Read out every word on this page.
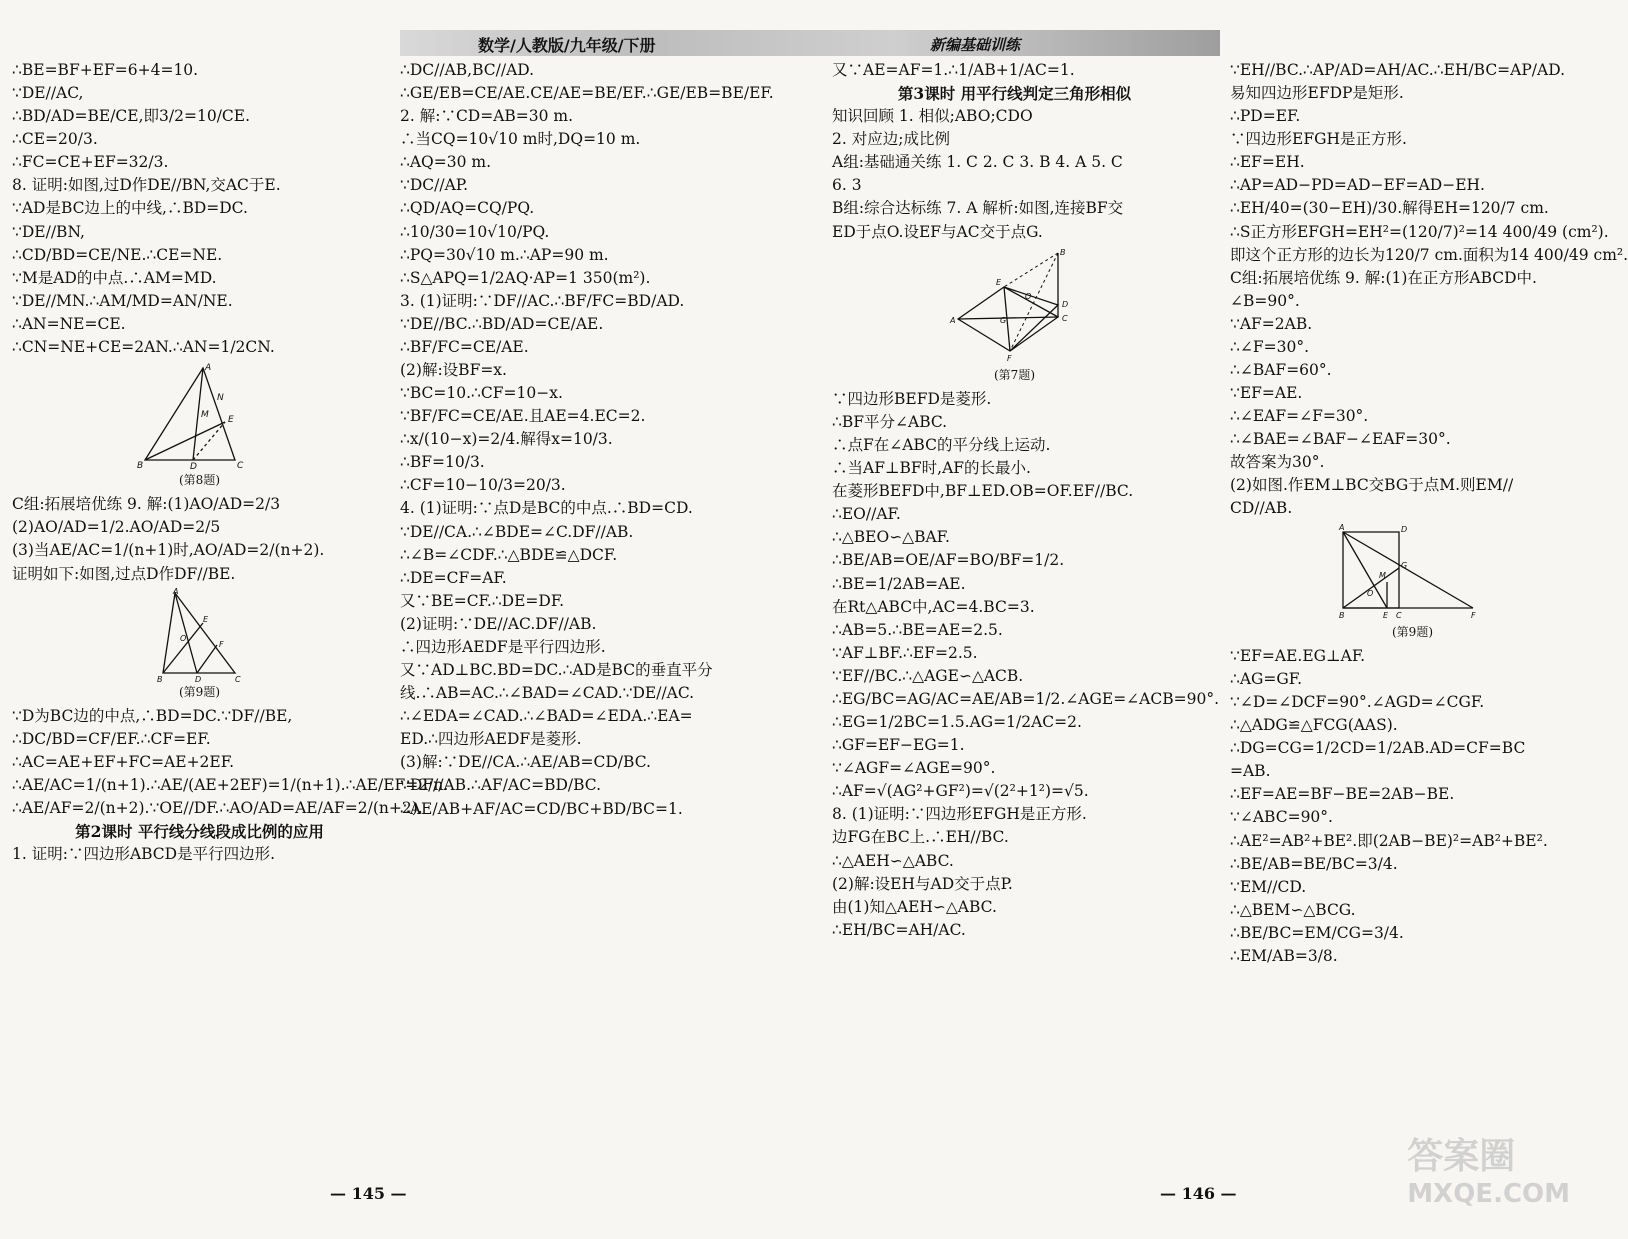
数学/人教版/九年级/下册	新编基础训练
∴BE=BF+EF=6+4=10.
∵DE//AC,
∴BD/AD=BE/CE,即3/2=10/CE.
∴CE=20/3.
∴FC=CE+EF=32/3.
8. 证明:如图,过D作DE//BN,交AC于E.
∵AD是BC边上的中线,∴BD=DC.
∵DE//BN,
∴CD/BD=CE/NE.∴CE=NE.
∵M是AD的中点.∴AM=MD.
∵DE//MN.∴AM/MD=AN/NE.
∴AN=NE=CE.
∴CN=NE+CE=2AN.∴AN=1/2CN.
A
N
M E
B	D	C
(第8题)
C组:拓展培优练 9. 解:(1)AO/AD=2/3
(2)AO/AD=1/2.AO/AD=2/5
(3)当AE/AC=1/(n+1)时,AO/AD=2/(n+2).
证明如下:如图,过点D作DF//BE.
A
E
O
F
B	D	C
(第9题)
∵D为BC边的中点,∴BD=DC.∵DF//BE,
∴DC/BD=CF/EF.∴CF=EF.
∴AC=AE+EF+FC=AE+2EF.
∴AE/AC=1/(n+1).∴AE/(AE+2EF)=1/(n+1).∴AE/EF=2/n.
∴AE/AF=2/(n+2).∵OE//DF.∴AO/AD=AE/AF=2/(n+2).
第2课时 平行线分线段成比例的应用
1. 证明:∵四边形ABCD是平行四边形.
∴DC//AB,BC//AD.
∴GE/EB=CE/AE.CE/AE=BE/EF.∴GE/EB=BE/EF.
2. 解:∵CD=AB=30 m.
∴当CQ=10√10 m时,DQ=10 m.
∴AQ=30 m.
∵DC//AP.
∴QD/AQ=CQ/PQ.
∴10/30=10√10/PQ.
∴PQ=30√10 m.∴AP=90 m.
∴S△APQ=1/2AQ·AP=1 350(m²).
3. (1)证明:∵DF//AC.∴BF/FC=BD/AD.
∵DE//BC.∴BD/AD=CE/AE.
∴BF/FC=CE/AE.
(2)解:设BF=x.
∵BC=10.∴CF=10−x.
∵BF/FC=CE/AE.且AE=4.EC=2.
∴x/(10−x)=2/4.解得x=10/3.
∴BF=10/3.
∴CF=10−10/3=20/3.
4. (1)证明:∵点D是BC的中点.∴BD=CD.
∵DE//CA.∴∠BDE=∠C.DF//AB.
∴∠B=∠CDF.∴△BDE≌△DCF.
∴DE=CF=AF.
又∵BE=CF.∴DE=DF.
(2)证明:∵DE//AC.DF//AB.
∴四边形AEDF是平行四边形.
又∵AD⊥BC.BD=DC.∴AD是BC的垂直平分
线.∴AB=AC.∴∠BAD=∠CAD.∵DE//AC.
∴∠EDA=∠CAD.∴∠BAD=∠EDA.∴EA=
ED.∴四边形AEDF是菱形.
(3)解:∵DE//CA.∴AE/AB=CD/BC.
∵DF//AB.∴AF/AC=BD/BC.
∴AE/AB+AF/AC=CD/BC+BD/BC=1.
又∵AE=AF=1.∴1/AB+1/AC=1.
第3课时 用平行线判定三角形相似
知识回顾 1. 相似;ABO;CDO
2. 对应边;成比例
A组:基础通关练 1. C 2. C 3. B 4. A 5. C
6. 3
B组:综合达标练 7. A 解析:如图,连接BF交
ED于点O.设EF与AC交于点G.
B
E
O
A	G
D
C
F
(第7题)
∵四边形BEFD是菱形.
∴BF平分∠ABC.
∴点F在∠ABC的平分线上运动.
∴当AF⊥BF时,AF的长最小.
在菱形BEFD中,BF⊥ED.OB=OF.EF//BC.
∴EO//AF.
∴△BEO∽△BAF.
∴BE/AB=OE/AF=BO/BF=1/2.
∴BE=1/2AB=AE.
在Rt△ABC中,AC=4.BC=3.
∴AB=5.∴BE=AE=2.5.
∵AF⊥BF.∴EF=2.5.
∵EF//BC.∴△AGE∽△ACB.
∴EG/BC=AG/AC=AE/AB=1/2.∠AGE=∠ACB=90°.
∴EG=1/2BC=1.5.AG=1/2AC=2.
∴GF=EF−EG=1.
∵∠AGF=∠AGE=90°.
∴AF=√(AG²+GF²)=√(2²+1²)=√5.
8. (1)证明:∵四边形EFGH是正方形.
边FG在BC上.∴EH//BC.
∴△AEH∽△ABC.
(2)解:设EH与AD交于点P.
由(1)知△AEH∽△ABC.
∴EH/BC=AH/AC.
∵EH//BC.∴AP/AD=AH/AC.∴EH/BC=AP/AD.
易知四边形EFDP是矩形.
∴PD=EF.
∵四边形EFGH是正方形.
∴EF=EH.
∴AP=AD−PD=AD−EF=AD−EH.
∴EH/40=(30−EH)/30.解得EH=120/7 cm.
∴S正方形EFGH=EH²=(120/7)²=14 400/49 (cm²).
即这个正方形的边长为120/7 cm.面积为14 400/49 cm².
C组:拓展培优练 9. 解:(1)在正方形ABCD中.
∠B=90°.
∵AF=2AB.
∴∠F=30°.
∴∠BAF=60°.
∵EF=AE.
∴∠EAF=∠F=30°.
∴∠BAE=∠BAF−∠EAF=30°.
故答案为30°.
(2)如图.作EM⊥BC交BG于点M.则EM//
CD//AB.
A	D
G
M
O
B	E C	F
(第9题)
∵EF=AE.EG⊥AF.
∴AG=GF.
∵∠D=∠DCF=90°.∠AGD=∠CGF.
∴△ADG≌△FCG(AAS).
∴DG=CG=1/2CD=1/2AB.AD=CF=BC
=AB.
∴EF=AE=BF−BE=2AB−BE.
∵∠ABC=90°.
∴AE²=AB²+BE².即(2AB−BE)²=AB²+BE².
∴BE/AB=BE/BC=3/4.
∵EM//CD.
∴△BEM∽△BCG.
∴BE/BC=EM/CG=3/4.
∴EM/AB=3/8.
— 145 —	— 146 —
答案圈
MXQE.COM
